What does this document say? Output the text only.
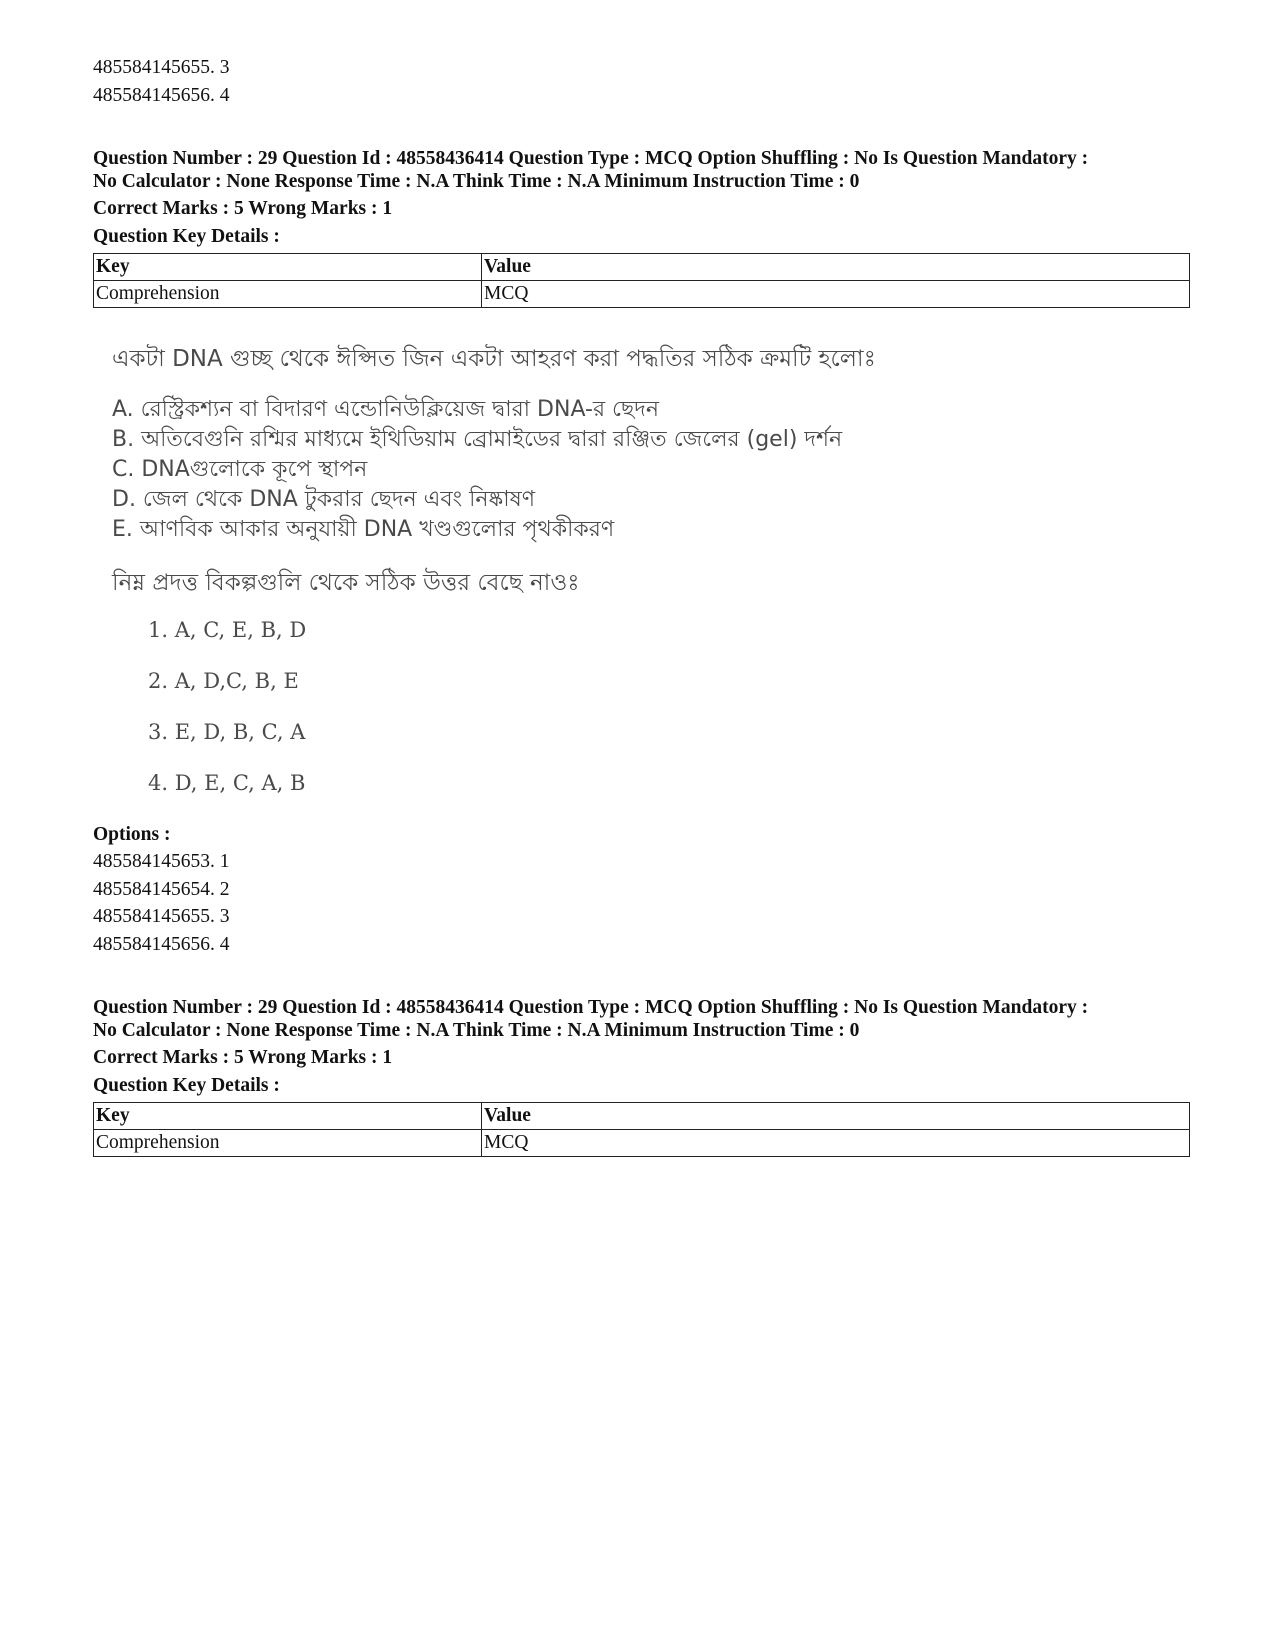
485584145655. 3
485584145656. 4
Question Number : 29 Question Id : 48558436414 Question Type : MCQ Option Shuffling : No Is Question Mandatory :
No Calculator : None Response Time : N.A Think Time : N.A Minimum Instruction Time : 0
Correct Marks : 5 Wrong Marks : 1
Question Key Details :
Key	Value
Comprehension	MCQ
একটা DNA গুচ্ছ থেকে ঈপ্সিত জিন একটা আহরণ করা পদ্ধতির সঠিক ক্রমটি হলোঃ
A. রেস্ট্রিকশ্যন বা বিদারণ এন্ডোনিউক্লিয়েজ দ্বারা DNA-র ছেদন
B. অতিবেগুনি রশ্মির মাধ্যমে ইথিডিয়াম ব্রোমাইডের দ্বারা রঞ্জিত জেলের (gel) দর্শন
C. DNAগুলোকে কূপে স্থাপন
D. জেল থেকে DNA টুকরার ছেদন এবং নিষ্কাষণ
E. আণবিক আকার অনুযায়ী DNA খণ্ডগুলোর পৃথকীকরণ
নিম্ন প্রদত্ত বিকল্পগুলি থেকে সঠিক উত্তর বেছে নাওঃ
1. A, C, E, B, D
2. A, D,C, B, E
3. E, D, B, C, A
4. D, E, C, A, B
Options :
485584145653. 1
485584145654. 2
485584145655. 3
485584145656. 4
Question Number : 29 Question Id : 48558436414 Question Type : MCQ Option Shuffling : No Is Question Mandatory :
No Calculator : None Response Time : N.A Think Time : N.A Minimum Instruction Time : 0
Correct Marks : 5 Wrong Marks : 1
Question Key Details :
Key	Value
Comprehension	MCQ
